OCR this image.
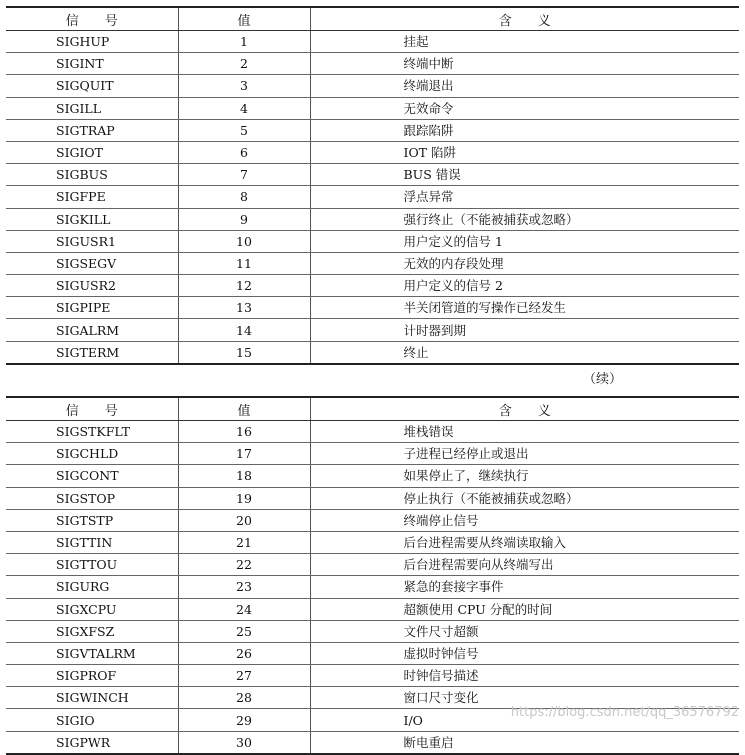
信　　号	值	含　　义
SIGHUP	1	挂起
SIGINT	2	终端中断
SIGQUIT	3	终端退出
SIGILL	4	无效命令
SIGTRAP	5	跟踪陷阱
SIGIOT	6	IOT 陷阱
SIGBUS	7	BUS 错误
SIGFPE	8	浮点异常
SIGKILL	9	强行终止（不能被捕获或忽略）
SIGUSR1	10	用户定义的信号 1
SIGSEGV	11	无效的内存段处理
SIGUSR2	12	用户定义的信号 2
SIGPIPE	13	半关闭管道的写操作已经发生
SIGALRM	14	计时器到期
SIGTERM	15	终止
（续）
信　　号	值	含　　义
SIGSTKFLT	16	堆栈错误
SIGCHLD	17	子进程已经停止或退出
SIGCONT	18	如果停止了，继续执行
SIGSTOP	19	停止执行（不能被捕获或忽略）
SIGTSTP	20	终端停止信号
SIGTTIN	21	后台进程需要从终端读取输入
SIGTTOU	22	后台进程需要向从终端写出
SIGURG	23	紧急的套接字事件
SIGXCPU	24	超额使用 CPU 分配的时间
SIGXFSZ	25	文件尺寸超额
SIGVTALRM	26	虚拟时钟信号
SIGPROF	27	时钟信号描述
SIGWINCH	28	窗口尺寸变化
SIGIO	29	I/O
SIGPWR	30	断电重启
https://blog.csdn.net/qq_36576792
